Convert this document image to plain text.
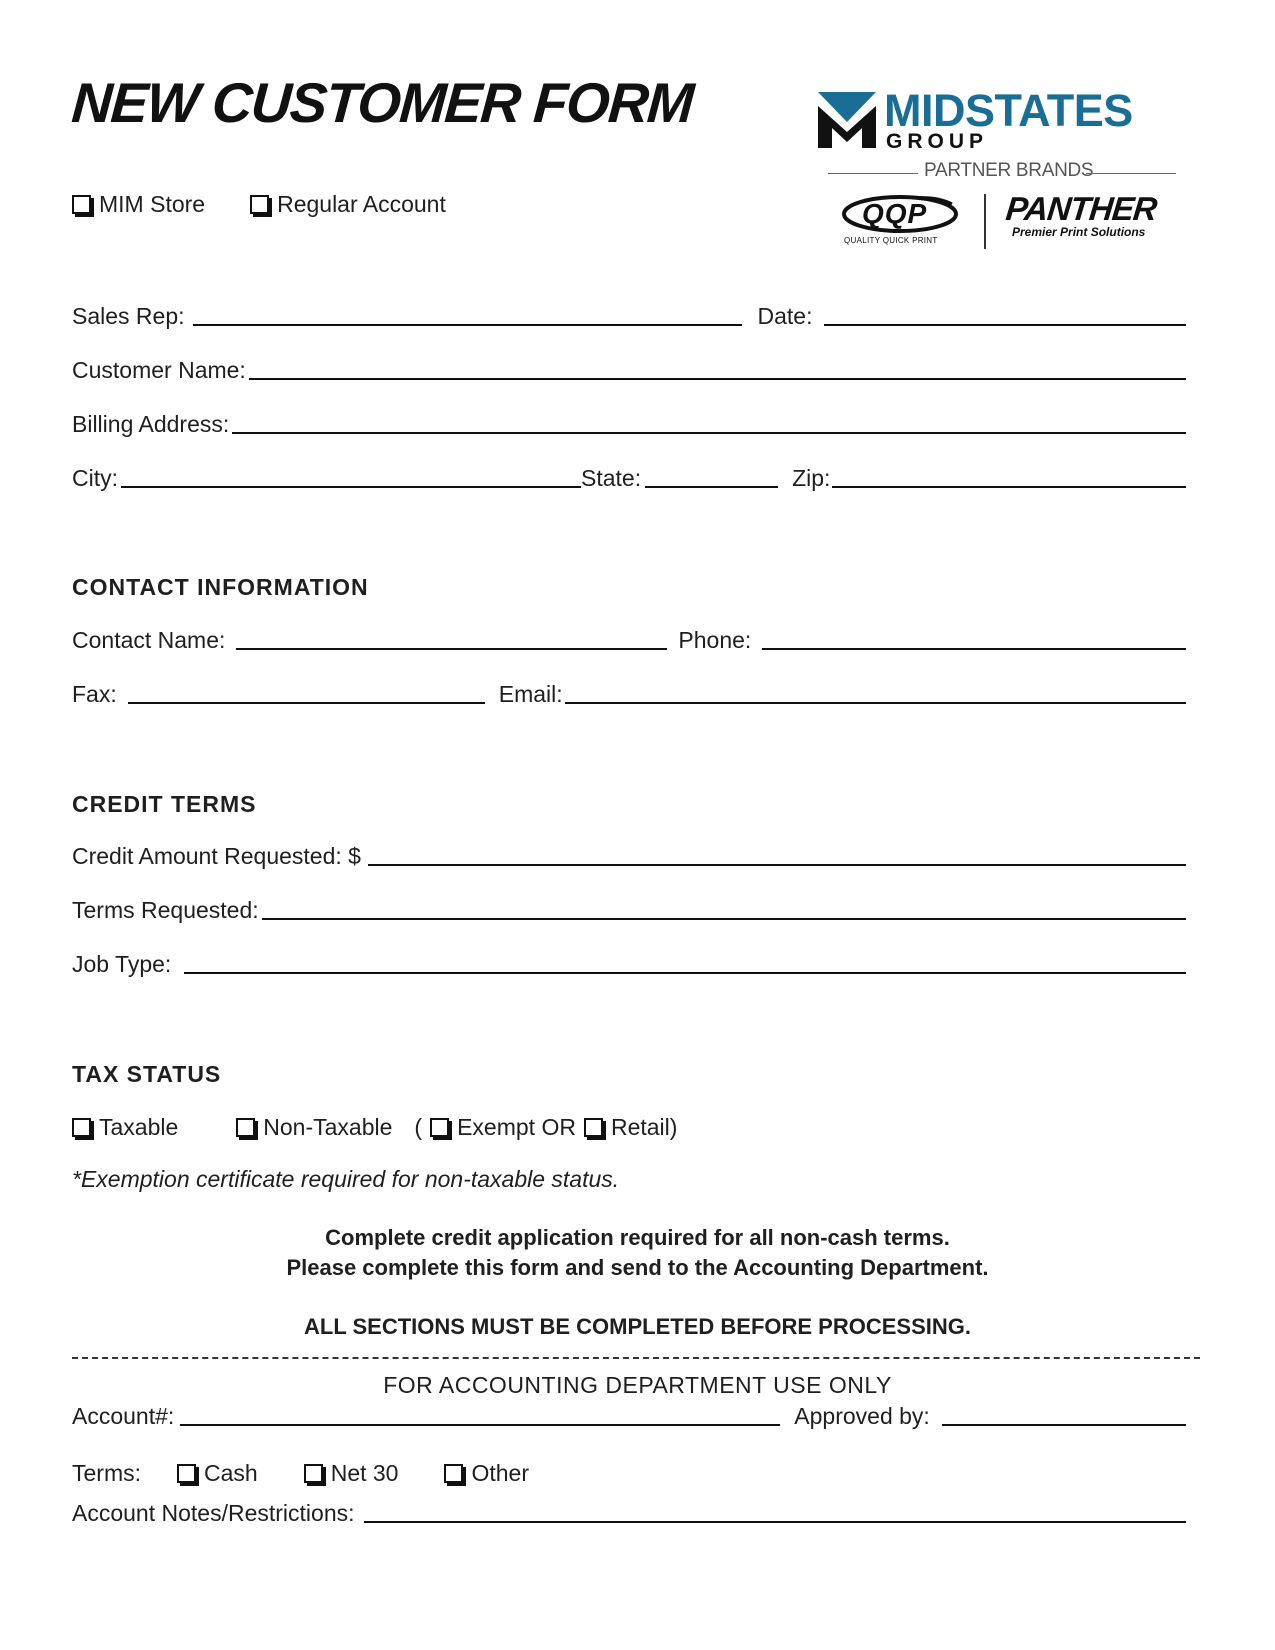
NEW CUSTOMER FORM	MIDSTATES
GROUP
PARTNER BRANDS
QQP
QUALITY QUICK PRINT
PANTHER
Premier Print Solutions
MIM Store	Regular Account
Sales Rep:	Date:
Customer Name:
Billing Address:
City:	State:	Zip:
CONTACT INFORMATION
Contact Name:	Phone:
Fax:	Email:
CREDIT TERMS
Credit Amount Requested: $
Terms Requested:
Job Type:
TAX STATUS
Taxable	Non-Taxable ( Exempt OR Retail)
*Exemption certificate required for non-taxable status.
Complete credit application required for all non-cash terms.
Please complete this form and send to the Accounting Department.
ALL SECTIONS MUST BE COMPLETED BEFORE PROCESSING.
FOR ACCOUNTING DEPARTMENT USE ONLY
Account#:	Approved by:
Terms:	Cash	Net 30	Other
Account Notes/Restrictions:
